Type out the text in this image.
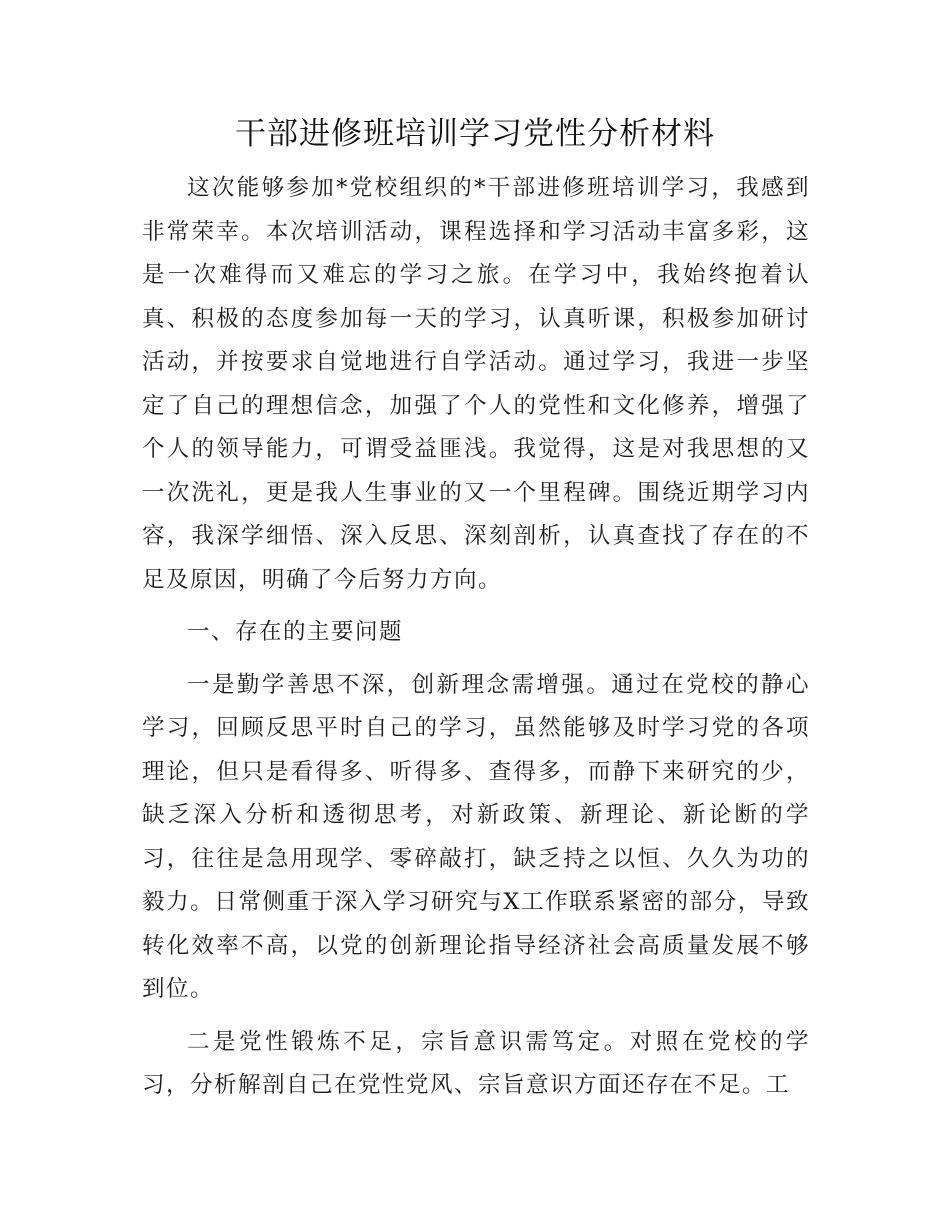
干部进修班培训学习党性分析材料

这次能够参加*党校组织的*干部进修班培训学习，我感到非常荣幸。本次培训活动，课程选择和学习活动丰富多彩，这是一次难得而又难忘的学习之旅。在学习中，我始终抱着认真、积极的态度参加每一天的学习，认真听课，积极参加研讨活动，并按要求自觉地进行自学活动。通过学习，我进一步坚定了自己的理想信念，加强了个人的党性和文化修养，增强了个人的领导能力，可谓受益匪浅。我觉得，这是对我思想的又一次洗礼，更是我人生事业的又一个里程碑。围绕近期学习内容，我深学细悟、深入反思、深刻剖析，认真查找了存在的不足及原因，明确了今后努力方向。

一、存在的主要问题

一是勤学善思不深，创新理念需增强。通过在党校的静心学习，回顾反思平时自己的学习，虽然能够及时学习党的各项理论，但只是看得多、听得多、查得多，而静下来研究的少，缺乏深入分析和透彻思考，对新政策、新理论、新论断的学习，往往是急用现学、零碎敲打，缺乏持之以恒、久久为功的毅力。日常侧重于深入学习研究与X工作联系紧密的部分，导致转化效率不高，以党的创新理论指导经济社会高质量发展不够到位。

二是党性锻炼不足，宗旨意识需笃定。对照在党校的学习，分析解剖自己在党性党风、宗旨意识方面还存在不足。工
